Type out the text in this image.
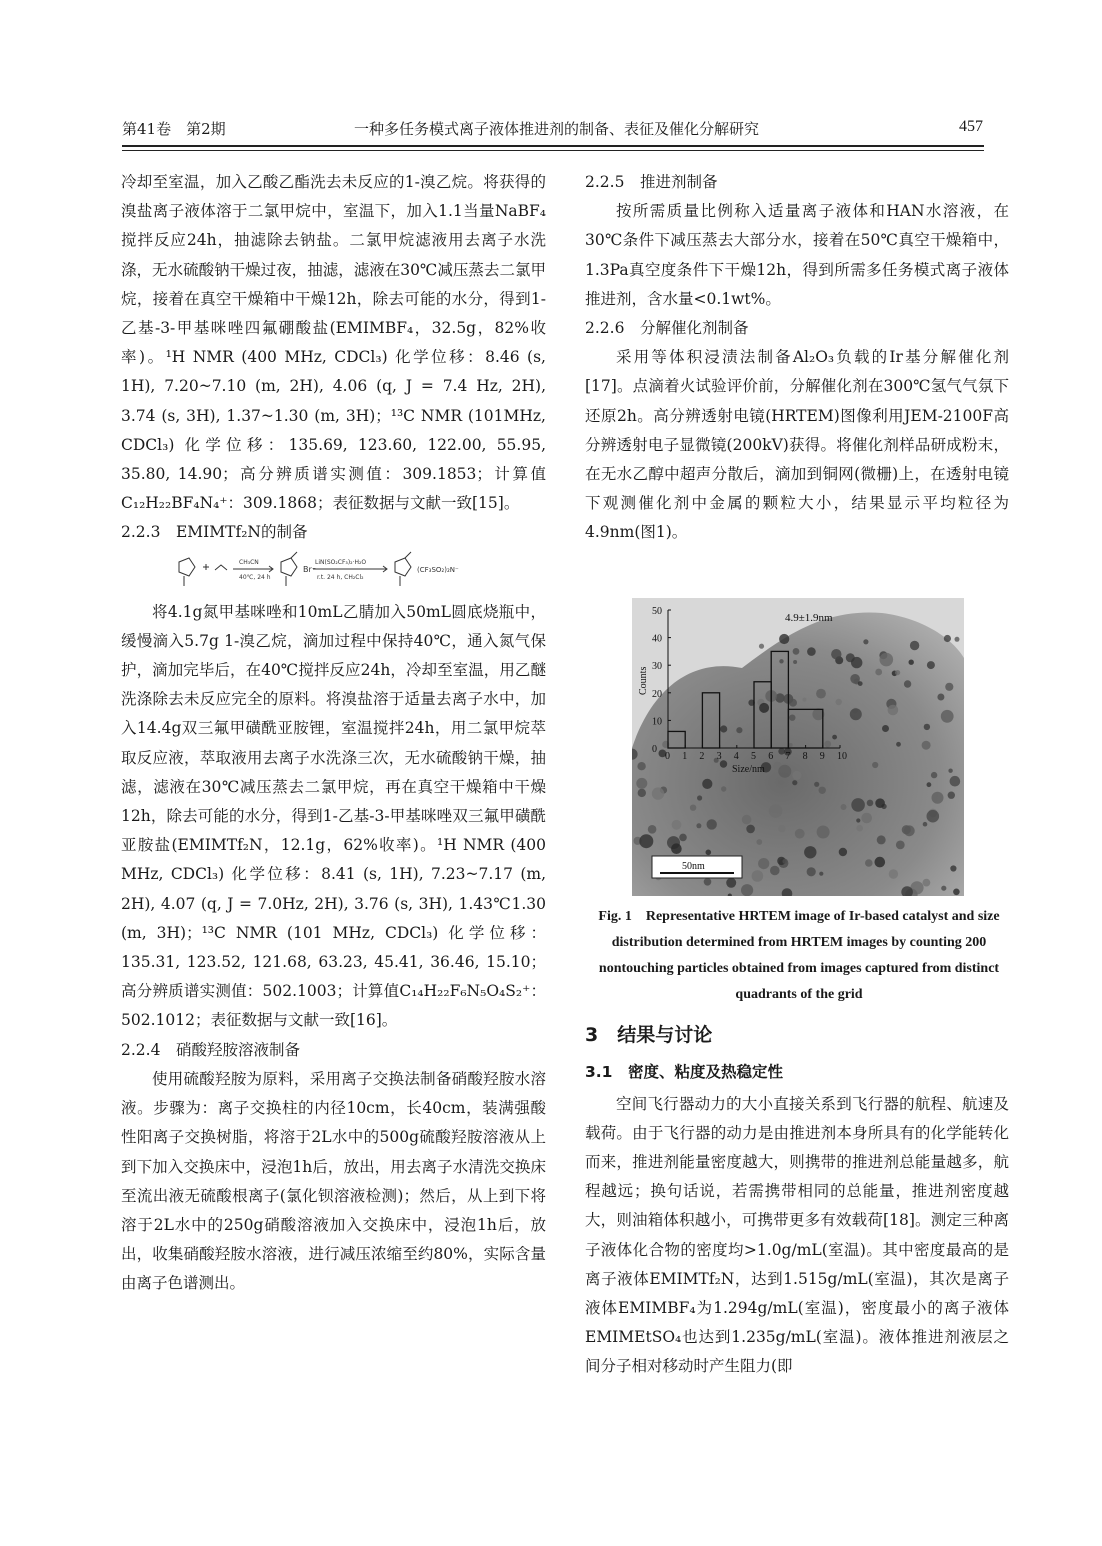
第41卷　第2期	一种多任务模式离子液体推进剂的制备、表征及催化分解研究	457

冷却至室温，加入乙酸乙酯洗去未反应的1-溴乙烷。将获得的溴盐离子液体溶于二氯甲烷中，室温下，加入1.1当量NaBF₄搅拌反应24h，抽滤除去钠盐。二氯甲烷滤液用去离子水洗涤，无水硫酸钠干燥过夜，抽滤，滤液在30℃减压蒸去二氯甲烷，接着在真空干燥箱中干燥12h，除去可能的水分，得到1-乙基-3-甲基咪唑四氟硼酸盐(EMIMBF₄，32.5g，82%收率)。¹H NMR (400 MHz, CDCl₃) 化学位移：8.46 (s, 1H), 7.20~7.10 (m, 2H), 4.06 (q, J = 7.4 Hz, 2H), 3.74 (s, 3H), 1.37~1.30 (m, 3H)；¹³C NMR (101MHz, CDCl₃) 化学位移：135.69, 123.60, 122.00, 55.95, 35.80, 14.90；高分辨质谱实测值：309.1853；计算值C₁₂H₂₂BF₄N₄⁺：309.1868；表征数据与文献一致[15]。

2.2.3　EMIMTf₂N的制备

Br⁻
CH₃CN
40℃, 24 h
LiN(SO₂CF₃)₂·H₂O
r.t. 24 h, CH₂Cl₂
(CF₃SO₂)₂N⁻

将4.1g氮甲基咪唑和10mL乙腈加入50mL圆底烧瓶中，缓慢滴入5.7g 1-溴乙烷，滴加过程中保持40℃，通入氮气保护，滴加完毕后，在40℃搅拌反应24h，冷却至室温，用乙醚洗涤除去未反应完全的原料。将溴盐溶于适量去离子水中，加入14.4g双三氟甲磺酰亚胺锂，室温搅拌24h，用二氯甲烷萃取反应液，萃取液用去离子水洗涤三次，无水硫酸钠干燥，抽滤，滤液在30℃减压蒸去二氯甲烷，再在真空干燥箱中干燥12h，除去可能的水分，得到1-乙基-3-甲基咪唑双三氟甲磺酰亚胺盐(EMIMTf₂N，12.1g，62%收率)。¹H NMR (400 MHz, CDCl₃) 化学位移：8.41 (s, 1H), 7.23~7.17 (m, 2H), 4.07 (q, J = 7.0Hz, 2H), 3.76 (s, 3H), 1.43℃1.30 (m, 3H)；¹³C NMR (101 MHz, CDCl₃) 化学位移：135.31, 123.52, 121.68, 63.23, 45.41, 36.46, 15.10；高分辨质谱实测值：502.1003；计算值C₁₄H₂₂F₆N₅O₄S₂⁺：502.1012；表征数据与文献一致[16]。

2.2.4　硝酸羟胺溶液制备

使用硫酸羟胺为原料，采用离子交换法制备硝酸羟胺水溶液。步骤为：离子交换柱的内径10cm，长40cm，装满强酸性阳离子交换树脂，将溶于2L水中的500g硫酸羟胺溶液从上到下加入交换床中，浸泡1h后，放出，用去离子水清洗交换床至流出液无硫酸根离子(氯化钡溶液检测)；然后，从上到下将溶于2L水中的250g硝酸溶液加入交换床中，浸泡1h后，放出，收集硝酸羟胺水溶液，进行减压浓缩至约80%，实际含量由离子色谱测出。

2.2.5　推进剂制备

按所需质量比例称入适量离子液体和HAN水溶液，在30℃条件下减压蒸去大部分水，接着在50℃真空干燥箱中，1.3Pa真空度条件下干燥12h，得到所需多任务模式离子液体推进剂，含水量<0.1wt%。

2.2.6　分解催化剂制备

采用等体积浸渍法制备Al₂O₃负载的Ir基分解催化剂[17]。点滴着火试验评价前，分解催化剂在300℃氢气气氛下还原2h。高分辨透射电镜(HRTEM)图像利用JEM-2100F高分辨透射电子显微镜(200kV)获得。将催化剂样品研成粉末，在无水乙醇中超声分散后，滴加到铜网(微栅)上，在透射电镜下观测催化剂中金属的颗粒大小，结果显示平均粒径为4.9nm(图1)。

3　结果与讨论

3.1　密度、粘度及热稳定性

空间飞行器动力的大小直接关系到飞行器的航程、航速及载荷。由于飞行器的动力是由推进剂本身所具有的化学能转化而来，推进剂能量密度越大，则携带的推进剂总能量越多，航程越远；换句话说，若需携带相同的总能量，推进剂密度越大，则油箱体积越小，可携带更多有效载荷[18]。测定三种离子液体化合物的密度均>1.0g/mL(室温)。其中密度最高的是离子液体EMIMTf₂N，达到1.515g/mL(室温)，其次是离子液体EMIMBF₄为1.294g/mL(室温)，密度最小的离子液体EMIMEtSO₄也达到1.235g/mL(室温)。液体推进剂液层之间分子相对移动时产生阻力(即

0 1 2 3 4 5 6 7 8 9 10
0
10
20
30
40
50
Size/nm
Counts
4.9±1.9nm
50nm
Fig. 1　Representative HRTEM image of Ir-based catalyst and size distribution determined from HRTEM images by counting 200 nontouching particles obtained from images captured from distinct quadrants of the grid
